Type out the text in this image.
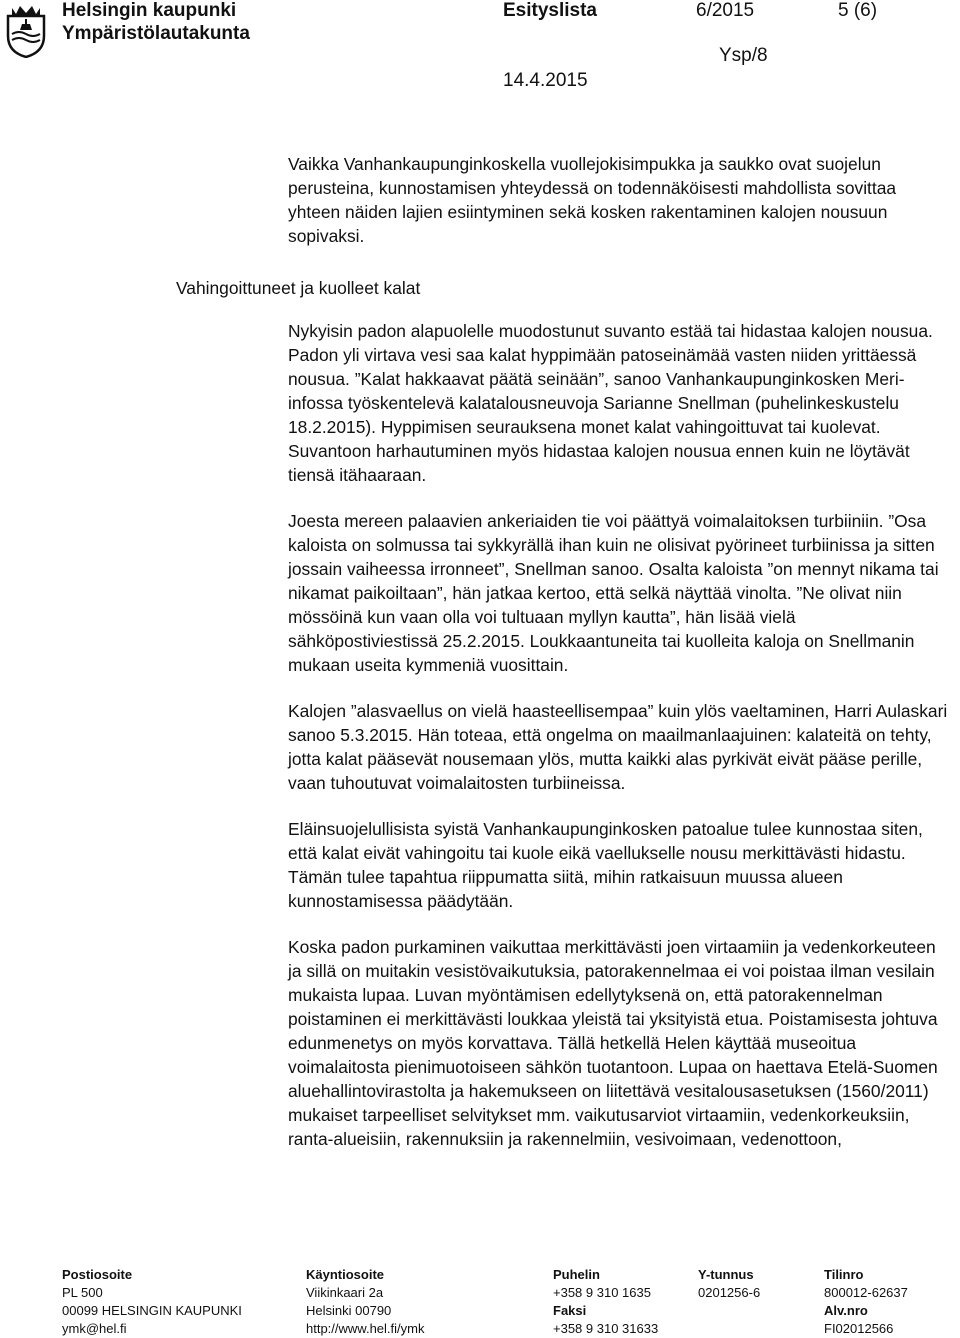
Helsingin kaupunki
Ympäristölautakunta
Esityslista	6/2015	5 (6)
Ysp/8
14.4.2015
Vahingoittuneet ja kuolleet kalat

Vaikka Vanhankaupunginkoskella vuollejokisimpukka ja saukko ovat suojelun perusteina, kunnostamisen yhteydessä on todennäköisesti mahdollista sovittaa yhteen näiden lajien esiintyminen sekä kosken rakentaminen kalojen nousuun sopivaksi.

Nykyisin padon alapuolelle muodostunut suvanto estää tai hidastaa kalojen nousua. Padon yli virtava vesi saa kalat hyppimään patoseinämää vasten niiden yrittäessä nousua. ”Kalat hakkaavat päätä seinään”, sanoo Vanhankaupunginkosken Meri-infossa työskentelevä kalatalousneuvoja Sarianne Snellman (puhelinkeskustelu 18.2.2015). Hyppimisen seurauksena monet kalat vahingoittuvat tai kuolevat. Suvantoon harhautuminen myös hidastaa kalojen nousua ennen kuin ne löytävät tiensä itähaaraan.

Joesta mereen palaavien ankeriaiden tie voi päättyä voimalaitoksen turbiiniin. ”Osa kaloista on solmussa tai sykkyrällä ihan kuin ne olisivat pyörineet turbiinissa ja sitten jossain vaiheessa irronneet”, Snellman sanoo. Osalta kaloista ”on mennyt nikama tai nikamat paikoiltaan”, hän jatkaa kertoo, että selkä näyttää vinolta. ”Ne olivat niin mössöinä kun vaan olla voi tultuaan myllyn kautta”, hän lisää vielä sähköpostiviestissä 25.2.2015. Loukkaantuneita tai kuolleita kaloja on Snellmanin mukaan useita kymmeniä vuosittain.

Kalojen ”alasvaellus on vielä haasteellisempaa” kuin ylös vaeltaminen, Harri Aulaskari sanoo 5.3.2015. Hän toteaa, että ongelma on maailmanlaajuinen: kalateitä on tehty, jotta kalat pääsevät nousemaan ylös, mutta kaikki alas pyrkivät eivät pääse perille, vaan tuhoutuvat voimalaitosten turbiineissa.

Eläinsuojelullisista syistä Vanhankaupunginkosken patoalue tulee kunnostaa siten, että kalat eivät vahingoitu tai kuole eikä vaellukselle nousu merkittävästi hidastu. Tämän tulee tapahtua riippumatta siitä, mihin ratkaisuun muussa alueen kunnostamisessa päädytään.

Koska padon purkaminen vaikuttaa merkittävästi joen virtaamiin ja vedenkorkeuteen ja sillä on muitakin vesistövaikutuksia, patorakennelmaa ei voi poistaa ilman vesilain mukaista lupaa. Luvan myöntämisen edellytyksenä on, että patorakennelman poistaminen ei merkittävästi loukkaa yleistä tai yksityistä etua. Poistamisesta johtuva edunmenetys on myös korvattava. Tällä hetkellä Helen käyttää museoitua voimalaitosta pienimuotoiseen sähkön tuotantoon. Lupaa on haettava Etelä-Suomen aluehallintovirastolta ja hakemukseen on liitettävä vesitalousasetuksen (1560/2011) mukaiset tarpeelliset selvitykset mm. vaikutusarviot virtaamiin, vedenkorkeuksiin, ranta-alueisiin, rakennuksiin ja rakennelmiin, vesivoimaan, vedenottoon,

Postiosoite
PL 500
00099 HELSINGIN KAUPUNKI
ymk@hel.fi
Käyntiosoite
Viikinkaari 2a
Helsinki 00790
http://www.hel.fi/ymk
Puhelin
+358 9 310 1635
Faksi
+358 9 310 31633
Y-tunnus
0201256-6
Tilinro
800012-62637
Alv.nro
FI02012566
